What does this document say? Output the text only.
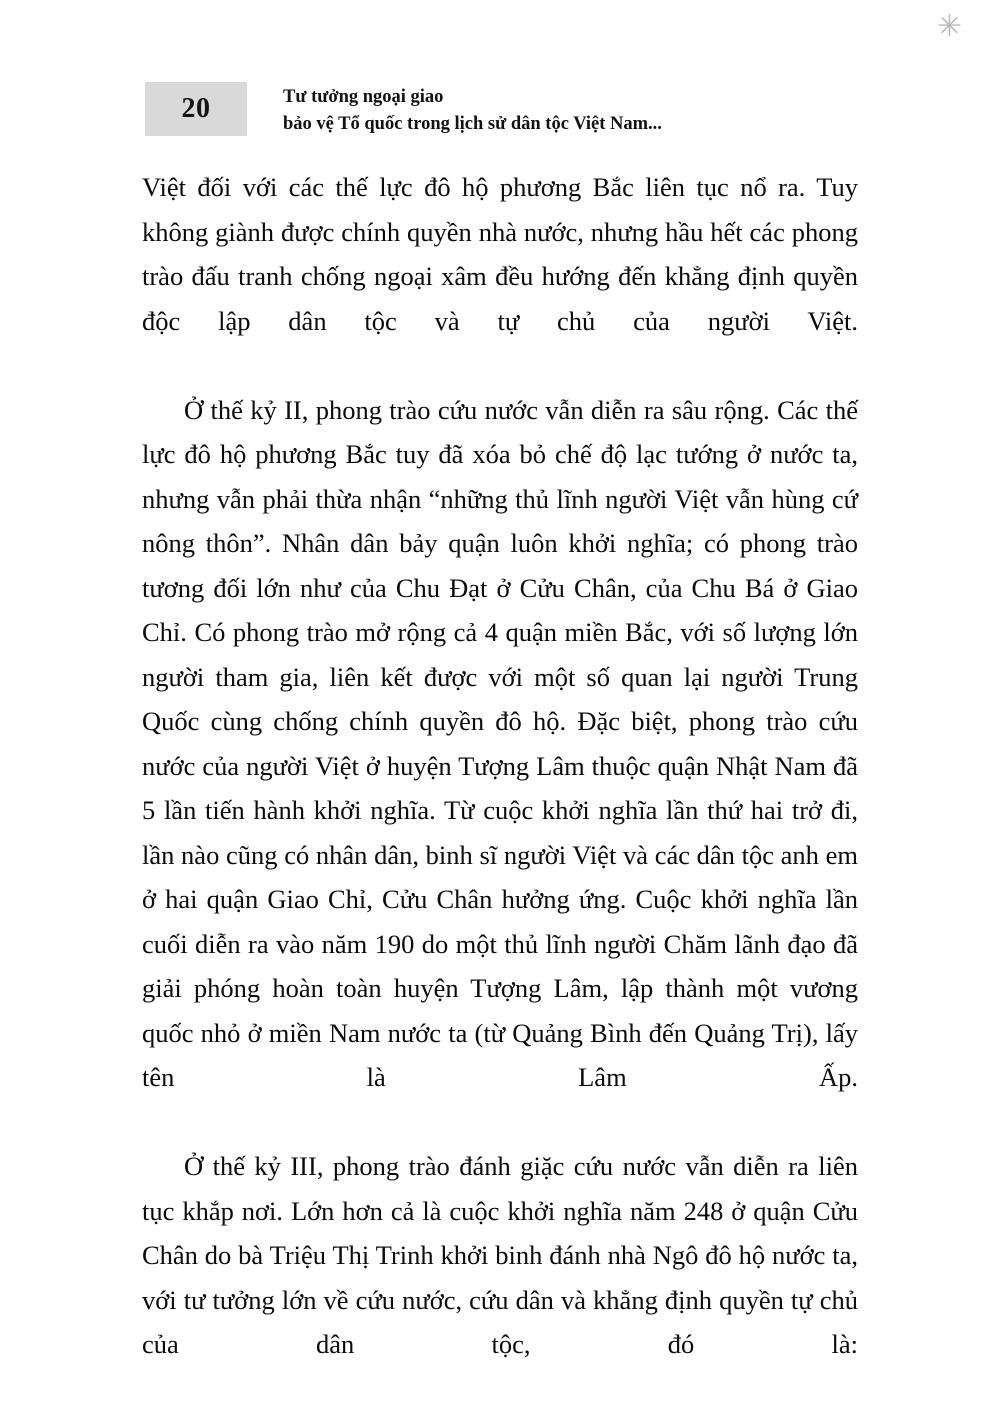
✳
20	Tư tưởng ngoại giao
bảo vệ Tổ quốc trong lịch sử dân tộc Việt Nam...

Việt đối với các thế lực đô hộ phương Bắc liên tục nổ ra. Tuy không giành được chính quyền nhà nước, nhưng hầu hết các phong trào đấu tranh chống ngoại xâm đều hướng đến khẳng định quyền độc lập dân tộc và tự chủ của người Việt.

Ở thế kỷ II, phong trào cứu nước vẫn diễn ra sâu rộng. Các thế lực đô hộ phương Bắc tuy đã xóa bỏ chế độ lạc tướng ở nước ta, nhưng vẫn phải thừa nhận “những thủ lĩnh người Việt vẫn hùng cứ nông thôn”. Nhân dân bảy quận luôn khởi nghĩa; có phong trào tương đối lớn như của Chu Đạt ở Cửu Chân, của Chu Bá ở Giao Chỉ. Có phong trào mở rộng cả 4 quận miền Bắc, với số lượng lớn người tham gia, liên kết được với một số quan lại người Trung Quốc cùng chống chính quyền đô hộ. Đặc biệt, phong trào cứu nước của người Việt ở huyện Tượng Lâm thuộc quận Nhật Nam đã 5 lần tiến hành khởi nghĩa. Từ cuộc khởi nghĩa lần thứ hai trở đi, lần nào cũng có nhân dân, binh sĩ người Việt và các dân tộc anh em ở hai quận Giao Chỉ, Cửu Chân hưởng ứng. Cuộc khởi nghĩa lần cuối diễn ra vào năm 190 do một thủ lĩnh người Chăm lãnh đạo đã giải phóng hoàn toàn huyện Tượng Lâm, lập thành một vương quốc nhỏ ở miền Nam nước ta (từ Quảng Bình đến Quảng Trị), lấy tên là Lâm Ấp.

Ở thế kỷ III, phong trào đánh giặc cứu nước vẫn diễn ra liên tục khắp nơi. Lớn hơn cả là cuộc khởi nghĩa năm 248 ở quận Cửu Chân do bà Triệu Thị Trinh khởi binh đánh nhà Ngô đô hộ nước ta, với tư tưởng lớn về cứu nước, cứu dân và khẳng định quyền tự chủ của dân tộc, đó là:
